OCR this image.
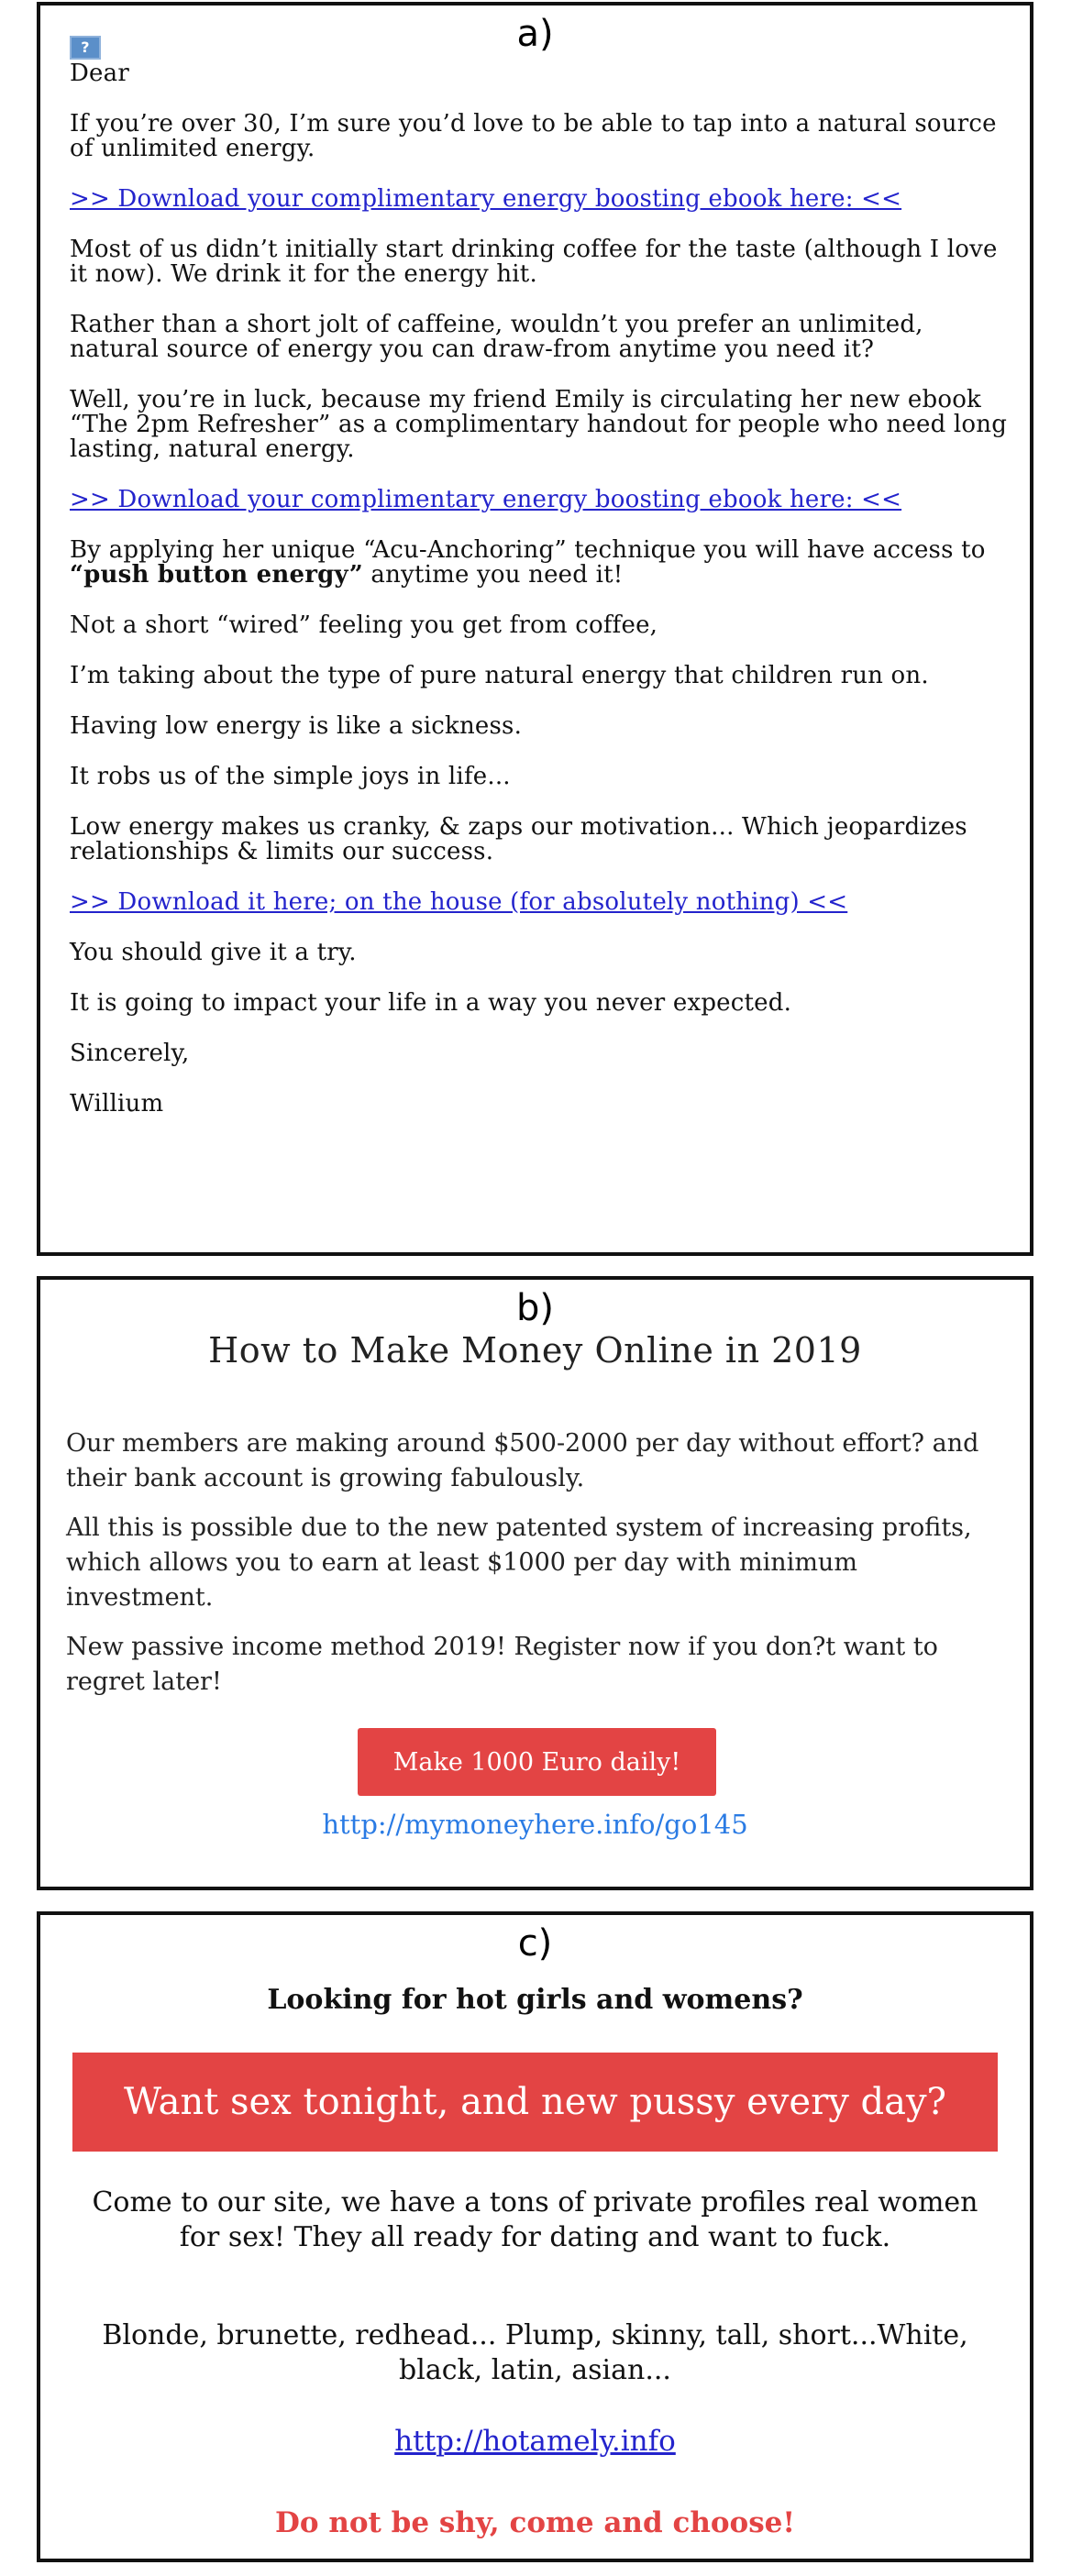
a)
?
Dear

If you’re over 30, I’m sure you’d love to be able to tap into a natural source of unlimited energy.

>> Download your complimentary energy boosting ebook here: <<

Most of us didn’t initially start drinking coffee for the taste (although I love it now). We drink it for the energy hit.

Rather than a short jolt of caffeine, wouldn’t you prefer an unlimited, natural source of energy you can draw-from anytime you need it?

Well, you’re in luck, because my friend Emily is circulating her new ebook “The 2pm Refresher” as a complimentary handout for people who need long lasting, natural energy.

>> Download your complimentary energy boosting ebook here: <<

By applying her unique “Acu-Anchoring” technique you will have access to “push button energy” anytime you need it!

Not a short “wired” feeling you get from coffee,

I’m taking about the type of pure natural energy that children run on.

Having low energy is like a sickness.

It robs us of the simple joys in life...

Low energy makes us cranky, & zaps our motivation... Which jeopardizes relationships & limits our success.

>> Download it here; on the house (for absolutely nothing) <<

You should give it a try.

It is going to impact your life in a way you never expected.

Sincerely,

Willium

b)
How to Make Money Online in 2019

Our members are making around $500-2000 per day without effort? and their bank account is growing fabulously.

All this is possible due to the new patented system of increasing profits, which allows you to earn at least $1000 per day with minimum investment.

New passive income method 2019! Register now if you don?t want to regret later!

Make 1000 Euro daily!
http://mymoneyhere.info/go145
c)
Looking for hot girls and womens?
Want sex tonight, and new pussy every day?
Come to our site, we have a tons of private profiles real women for sex! They all ready for dating and want to fuck.
Blonde, brunette, redhead... Plump, skinny, tall, short...White, black, latin, asian...
http://hotamely.info
Do not be shy, come and choose!
